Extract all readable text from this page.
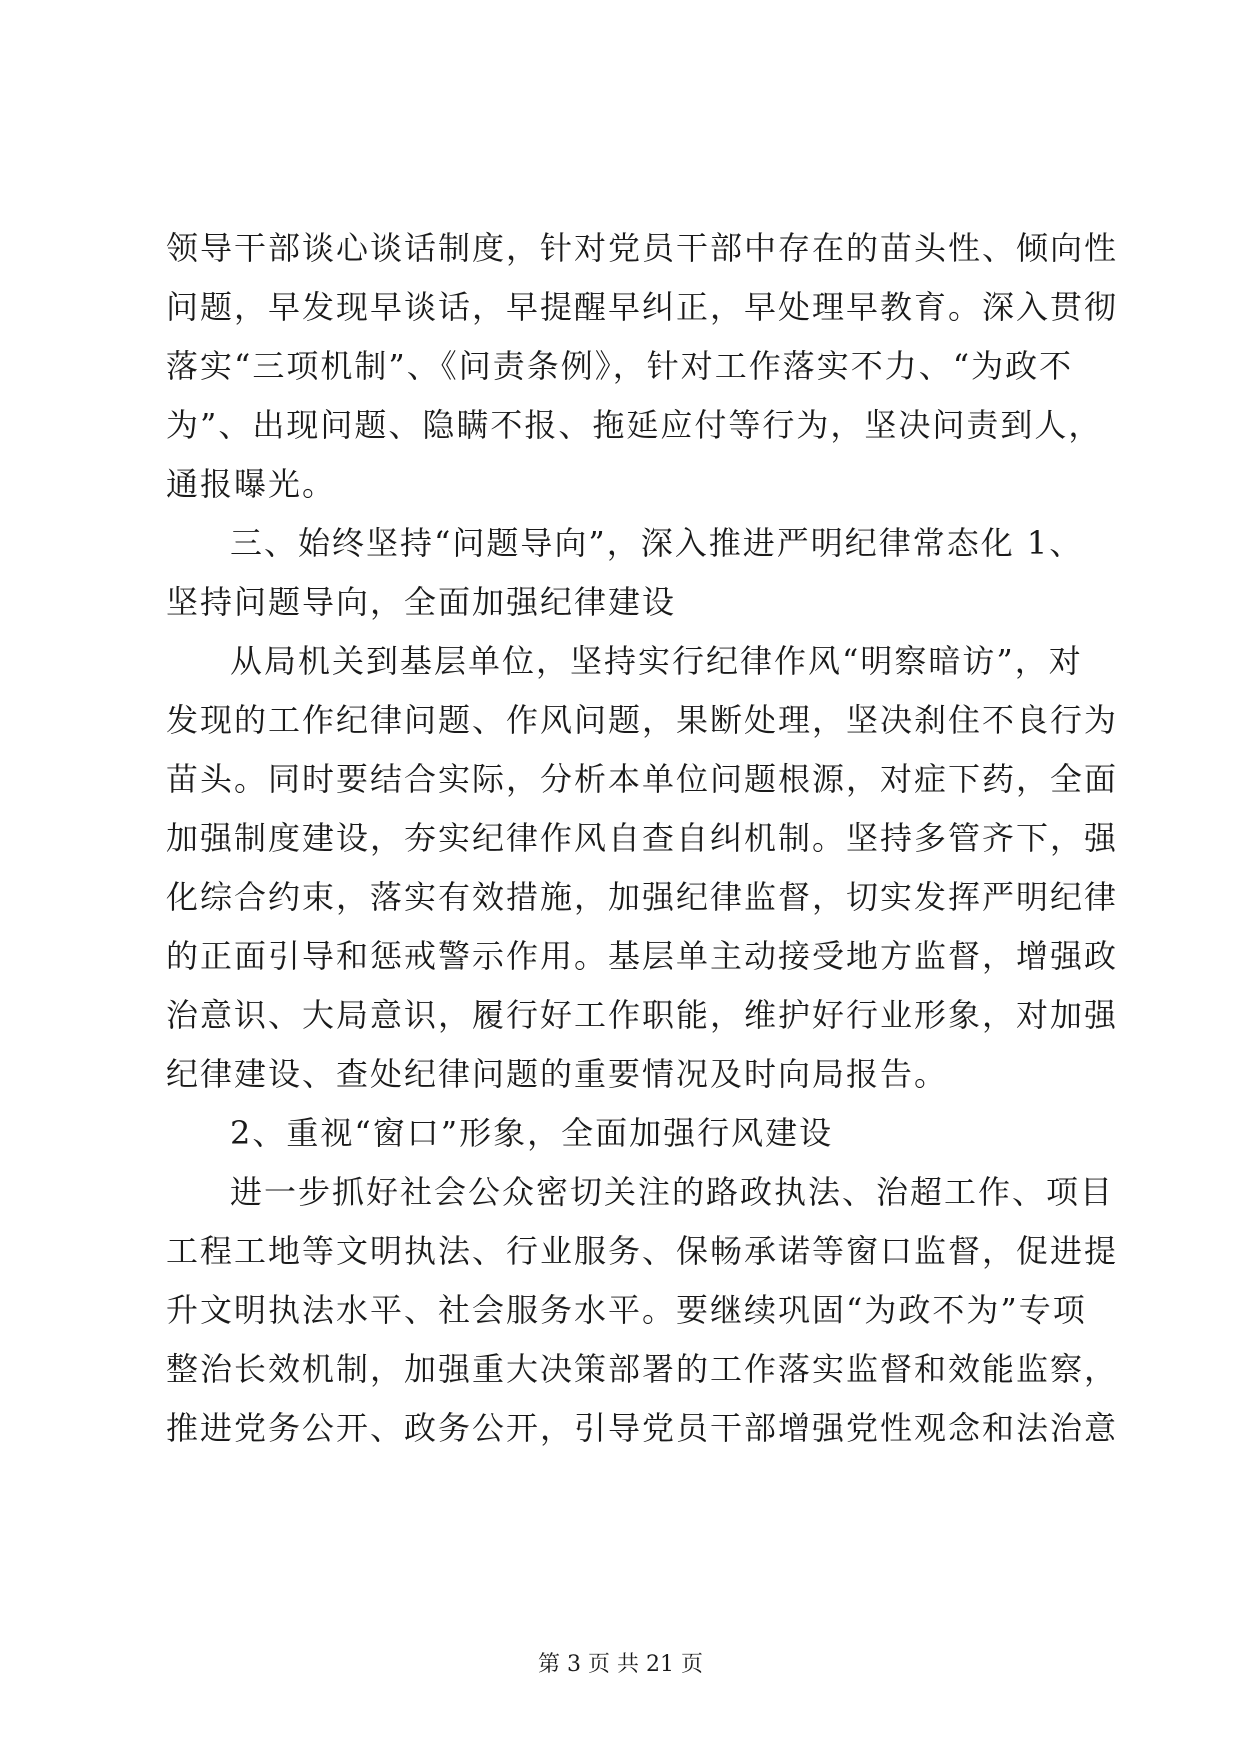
领导干部谈心谈话制度，针对党员干部中存在的苗头性、倾向性
问题，早发现早谈话，早提醒早纠正，早处理早教育。深入贯彻
落实“三项机制”、《问责条例》，针对工作落实不力、“为政不
为”、出现问题、隐瞒不报、拖延应付等行为，坚决问责到人，
通报曝光。
三、始终坚持“问题导向”，深入推进严明纪律常态化 1、
坚持问题导向，全面加强纪律建设
从局机关到基层单位，坚持实行纪律作风“明察暗访”，对
发现的工作纪律问题、作风问题，果断处理，坚决刹住不良行为
苗头。同时要结合实际，分析本单位问题根源，对症下药，全面
加强制度建设，夯实纪律作风自查自纠机制。坚持多管齐下，强
化综合约束，落实有效措施，加强纪律监督，切实发挥严明纪律
的正面引导和惩戒警示作用。基层单主动接受地方监督，增强政
治意识、大局意识，履行好工作职能，维护好行业形象，对加强
纪律建设、查处纪律问题的重要情况及时向局报告。
2、重视“窗口”形象，全面加强行风建设
进一步抓好社会公众密切关注的路政执法、治超工作、项目
工程工地等文明执法、行业服务、保畅承诺等窗口监督，促进提
升文明执法水平、社会服务水平。要继续巩固“为政不为”专项
整治长效机制，加强重大决策部署的工作落实监督和效能监察，
推进党务公开、政务公开，引导党员干部增强党性观念和法治意
第 3 页 共 21 页
